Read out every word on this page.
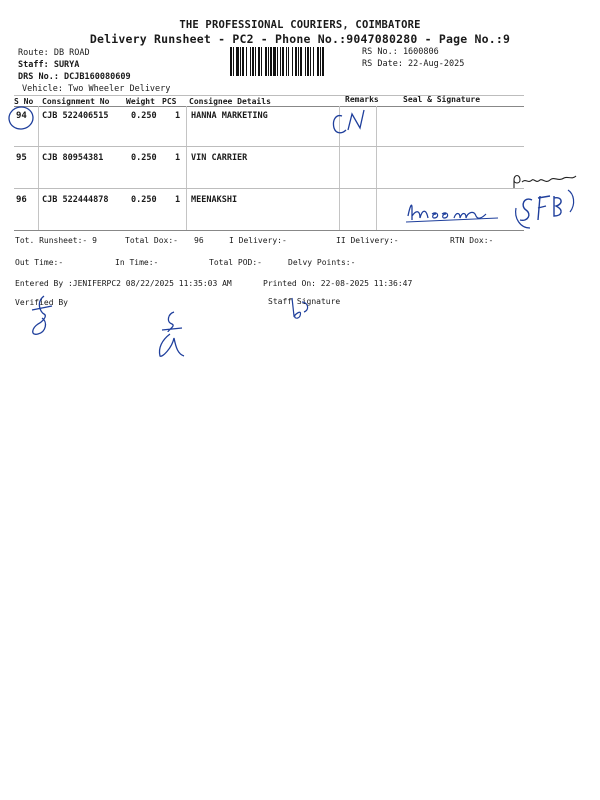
THE PROFESSIONAL COURIERS, COIMBATORE
Delivery Runsheet - PC2 - Phone No.:9047080280 - Page No.:9
Route: DB ROAD
Staff: SURYA
DRS No.: DCJB160080609
Vehicle: Two Wheeler Delivery
RS No.: 1600806
RS Date: 22-Aug-2025
S No Consignment No Weight PCS Consignee Details	Remarks	Seal & Signature
94 CJB 522406515	0.250 1 HANNA MARKETING
95 CJB 80954381	0.250 1 VIN CARRIER
96 CJB 522444878	0.250 1 MEENAKSHI
Tot. Runsheet:- 9	Total Dox:- 96	I Delivery:-	II Delivery:-	RTN Dox:-
Out Time:-	In Time:-	Total POD:-	Delvy Points:-
Entered By :JENIFERPC2 08/22/2025 11:35:03 AM	Printed On: 22-08-2025 11:36:47
Verified By	Staff Signature
